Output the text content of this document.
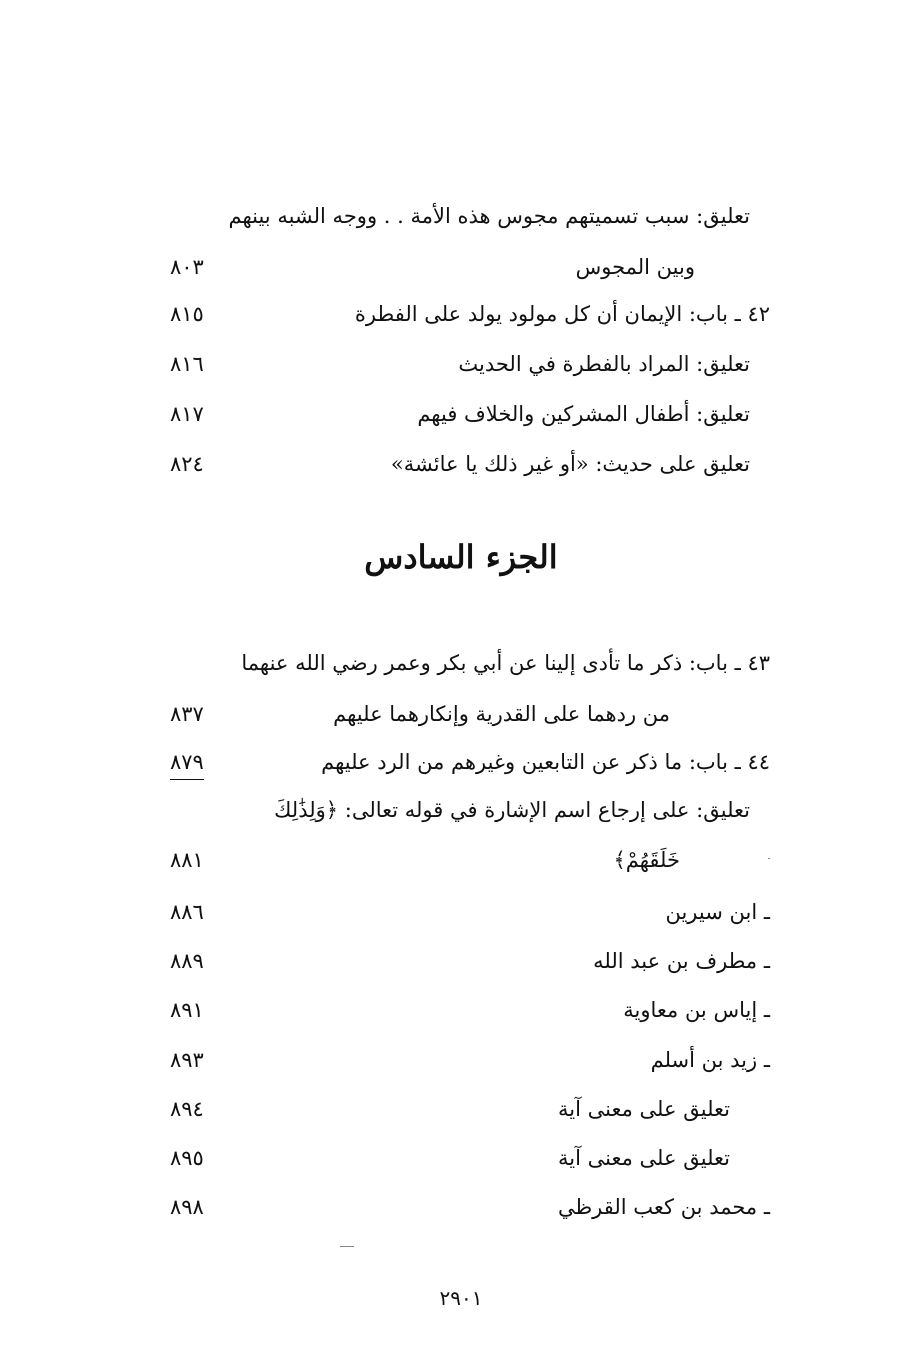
تعليق: سبب تسميتهم مجوس هذه الأمة . . ووجه الشبه بينهم
وبين المجوس
٨٠٣
٤٢ ـ باب: الإيمان أن كل مولود يولد على الفطرة
٨١٥
تعليق: المراد بالفطرة في الحديث
٨١٦
تعليق: أطفال المشركين والخلاف فيهم
٨١٧
تعليق على حديث: «أو غير ذلك يا عائشة»
٨٢٤
الجزء السادس
٤٣ ـ باب: ذكر ما تأدى إلينا عن أبي بكر وعمر رضي الله عنهما
من ردهما على القدرية وإنكارهما عليهم
٨٣٧
٤٤ ـ باب: ما ذكر عن التابعين وغيرهم من الرد عليهم
٨٧٩
تعليق: على إرجاع اسم الإشارة في قوله تعالى: ﴿وَلِذَٰلِكَ
خَلَقَهُمْ﴾
٨٨١
ـ ابن سيرين
٨٨٦
ـ مطرف بن عبد الله
٨٨٩
ـ إياس بن معاوية
٨٩١
ـ زيد بن أسلم
٨٩٣
تعليق على معنى آية
٨٩٤
تعليق على معنى آية
٨٩٥
ـ محمد بن كعب القرظي
٨٩٨
٢٩٠١
